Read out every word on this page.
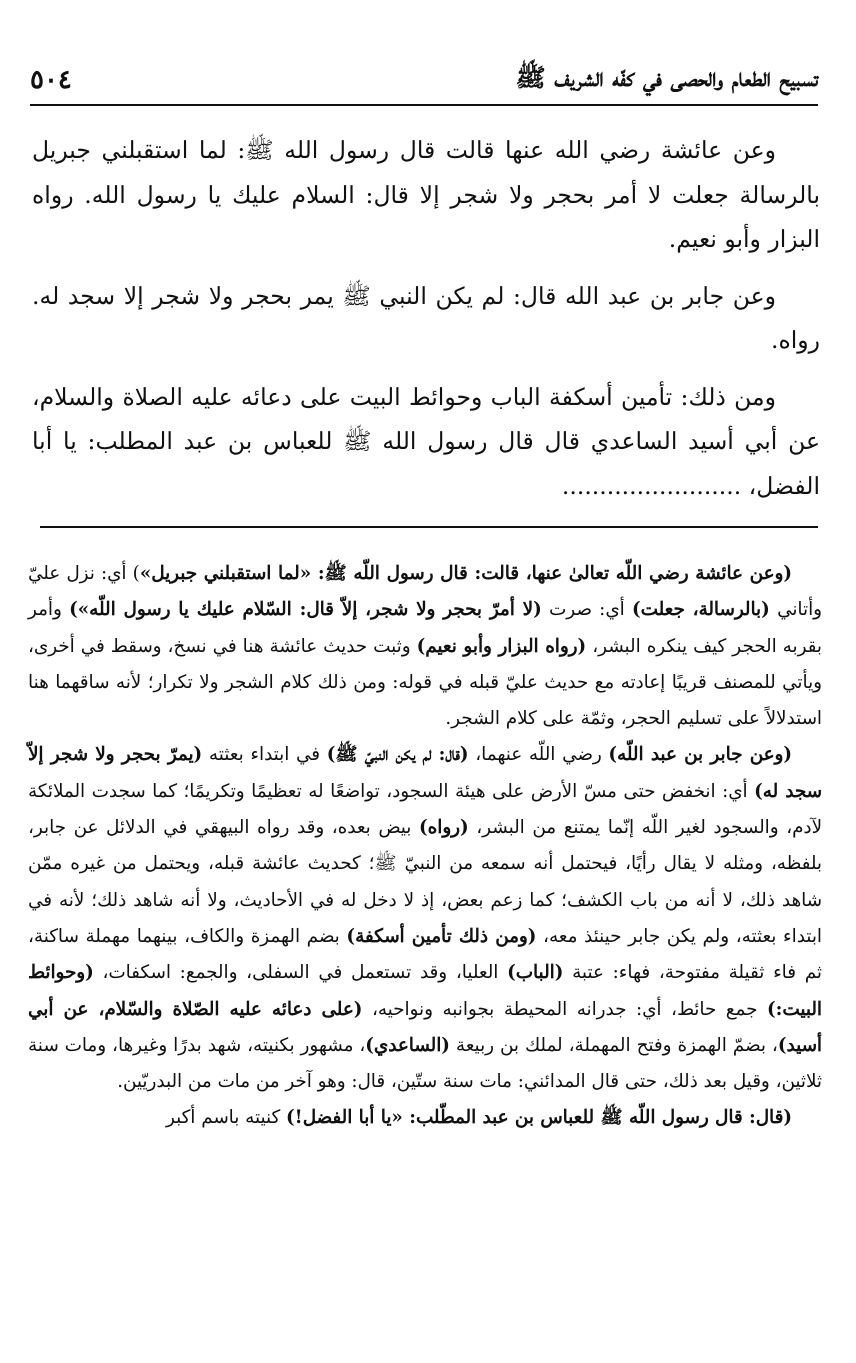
تسبيح الطعام والحصى في كفّه الشريف ﷺ
٥٠٤

وعن عائشة رضي الله عنها قالت قال رسول الله ﷺ: لما استقبلني جبريل بالرسالة جعلت لا أمر بحجر ولا شجر إلا قال: السلام عليك يا رسول الله. رواه البزار وأبو نعيم.

وعن جابر بن عبد الله قال: لم يكن النبي ﷺ يمر بحجر ولا شجر إلا سجد له. رواه.

ومن ذلك: تأمين أسكفة الباب وحوائط البيت على دعائه عليه الصلاة والسلام، عن أبي أسيد الساعدي قال قال رسول الله ﷺ للعباس بن عبد المطلب: يا أبا الفضل، ........................

(وعن عائشة رضي اللّه تعالىٰ عنها، قالت: قال رسول اللّه ﷺ: «لما استقبلني جبريل») أي: نزل عليّ وأتاني (بالرسالة، جعلت) أي: صرت (لا أمرّ بحجر ولا شجر، إلاّ قال: السّلام عليك يا رسول اللّه») وأمر بقربه الحجر كيف ينكره البشر، (رواه البزار وأبو نعيم) وثبت حديث عائشة هنا في نسخ، وسقط في أخرى، ويأتي للمصنف قريبًا إعادته مع حديث عليّ قبله في قوله: ومن ذلك كلام الشجر ولا تكرار؛ لأنه ساقهما هنا استدلالاً على تسليم الحجر، وثمّة على كلام الشجر.

(وعن جابر بن عبد اللّه) رضي اللّه عنهما، (قال: لم يكن النبيّ ﷺ) في ابتداء بعثته (يمرّ بحجر ولا شجر إلاّ سجد له) أي: انخفض حتى مسّ الأرض على هيئة السجود، تواضعًا له تعظيمًا وتكريمًا؛ كما سجدت الملائكة لآدم، والسجود لغير اللّه إنّما يمتنع من البشر، (رواه) بيض بعده، وقد رواه البيهقي في الدلائل عن جابر، بلفظه، ومثله لا يقال رأيًا، فيحتمل أنه سمعه من النبيّ ﷺ؛ كحديث عائشة قبله، ويحتمل من غيره ممّن شاهد ذلك، لا أنه من باب الكشف؛ كما زعم بعض، إذ لا دخل له في الأحاديث، ولا أنه شاهد ذلك؛ لأنه في ابتداء بعثته، ولم يكن جابر حينئذ معه، (ومن ذلك تأمين أسكفة) بضم الهمزة والكاف، بينهما مهملة ساكنة، ثم فاء ثقيلة مفتوحة، فهاء: عتبة (الباب) العليا، وقد تستعمل في السفلى، والجمع: اسكفات، (وحوائط البيت:) جمع حائط، أي: جدرانه المحيطة بجوانبه ونواحيه، (على دعائه عليه الصّلاة والسّلام، عن أبي أسيد)، بضمّ الهمزة وفتح المهملة، لملك بن ربيعة (الساعدي)، مشهور بكنيته، شهد بدرًا وغيرها، ومات سنة ثلاثين، وقيل بعد ذلك، حتى قال المدائني: مات سنة ستّين، قال: وهو آخر من مات من البدريّين.

(قال: قال رسول اللّه ﷺ للعباس بن عبد المطّلب: «يا أبا الفضل!) كنيته باسم أكبر
